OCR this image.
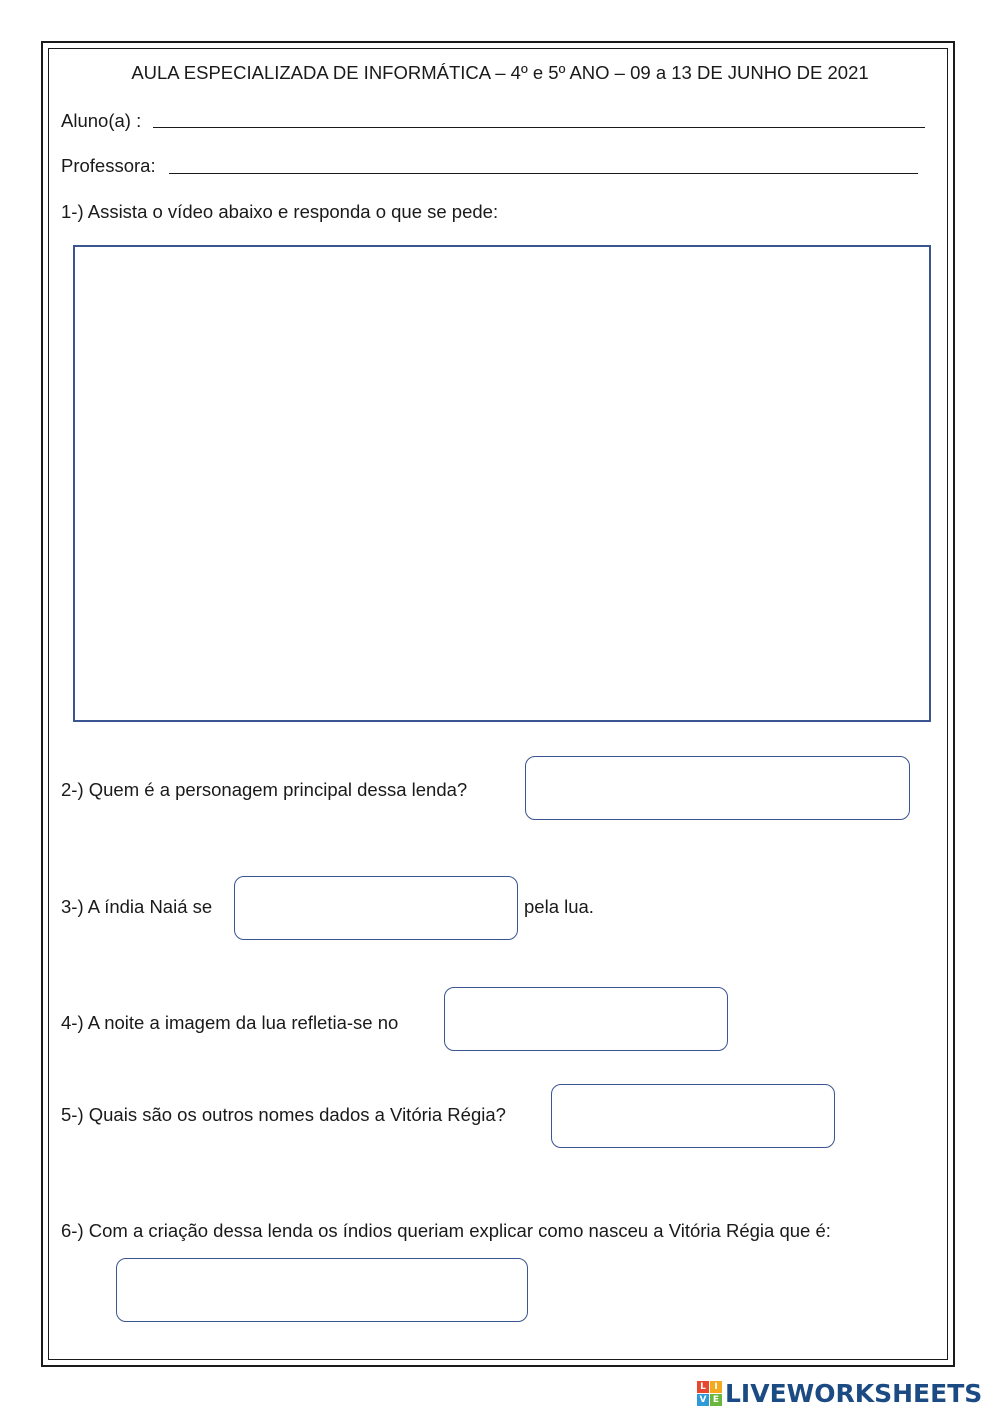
AULA ESPECIALIZADA DE INFORMÁTICA – 4º e 5º ANO – 09 a 13 DE JUNHO DE 2021
Aluno(a) :
Professora:
1-) Assista o vídeo abaixo e responda o que se pede:
2-) Quem é a personagem principal dessa lenda?
3-) A índia Naiá se	pela lua.
4-) A noite a imagem da lua refletia-se no
5-) Quais são os outros nomes dados a Vitória Régia?
6-) Com a criação dessa lenda os índios queriam explicar como nasceu a Vitória Régia que é:
L I
V E LIVEWORKSHEETS
